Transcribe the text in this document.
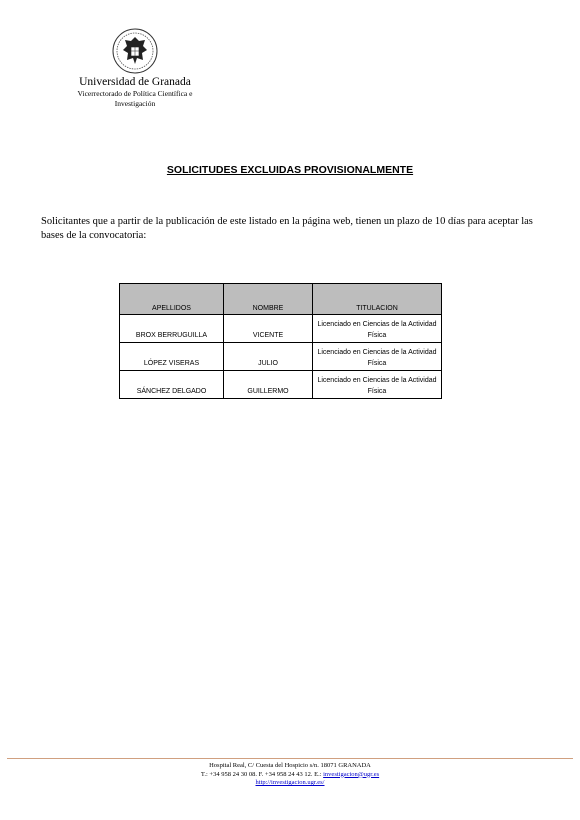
Universidad de Granada
Vicerrectorado de Política Científica e
Investigación
SOLICITUDES EXCLUIDAS PROVISIONALMENTE
Solicitantes que a partir de la publicación de este listado en la página web, tienen un plazo de 10 días para aceptar las bases de la convocatoria:
APELLIDOS	NOMBRE	TITULACION
BROX BERRUGUILLA	VICENTE	Licenciado en Ciencias de la Actividad Física
LÓPEZ VISERAS	JULIO	Licenciado en Ciencias de la Actividad Física
SÁNCHEZ DELGADO	GUILLERMO	Licenciado en Ciencias de la Actividad Física
Hospital Real, C/ Cuesta del Hospicio s/n. 18071 GRANADA
T.: +34 958 24 30 08. F. +34 958 24 43 12. E.: investigacion@ugr.es
http://investigacion.ugr.es/
